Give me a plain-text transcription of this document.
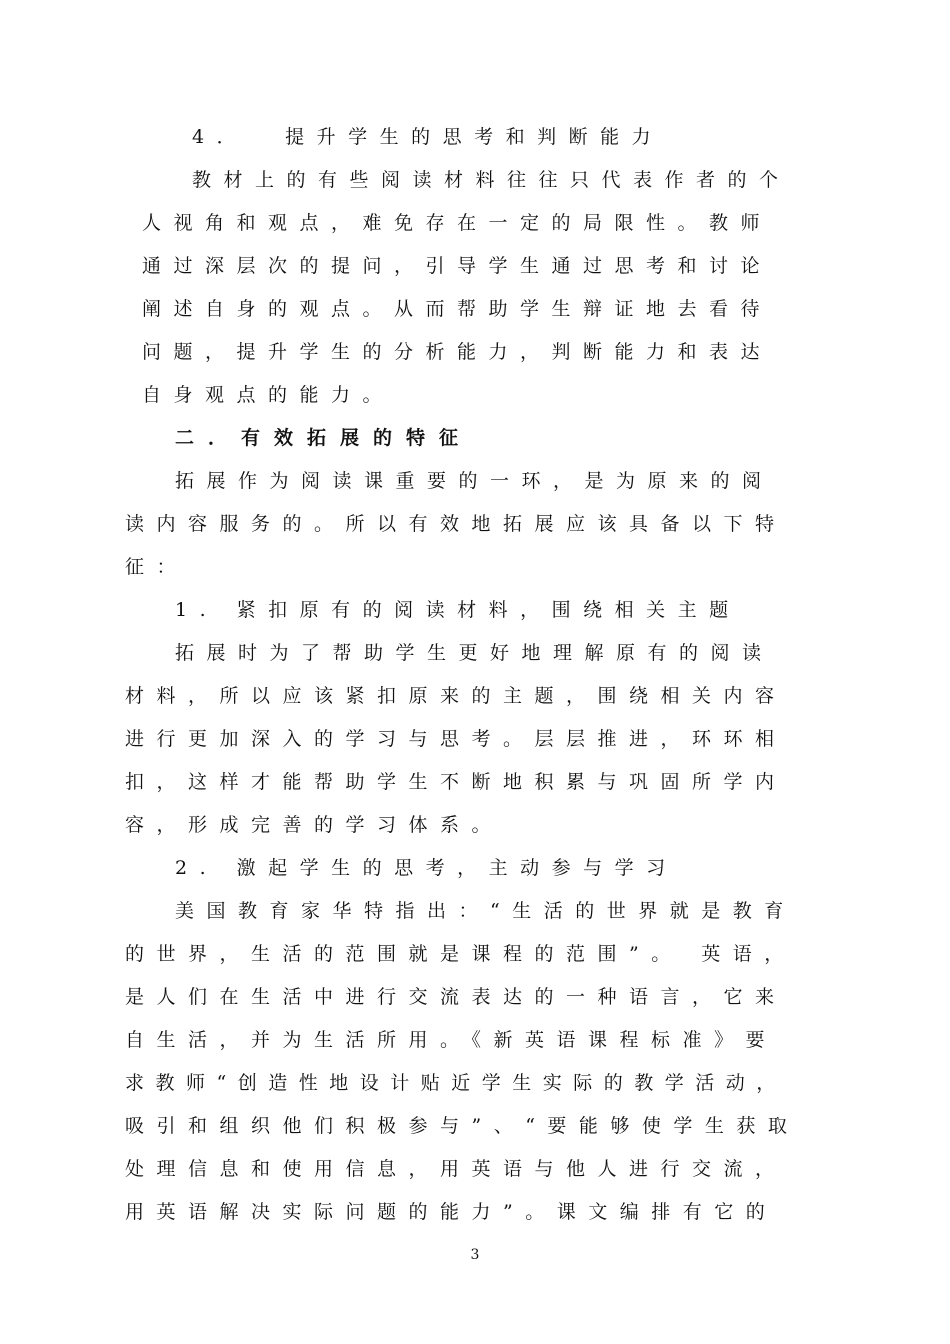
4．  提升学生的思考和判断能力
教材上的有些阅读材料往往只代表作者的个
人视角和观点，难免存在一定的局限性。教师
通过深层次的提问，引导学生通过思考和讨论
阐述自身的观点。从而帮助学生辩证地去看待
问题，提升学生的分析能力，判断能力和表达
自身观点的能力。
二．有效拓展的特征
拓展作为阅读课重要的一环，是为原来的阅
读内容服务的。所以有效地拓展应该具备以下特
征：
1. 紧扣原有的阅读材料，围绕相关主题
拓展时为了帮助学生更好地理解原有的阅读
材料，所以应该紧扣原来的主题，围绕相关内容
进行更加深入的学习与思考。层层推进，环环相
扣，这样才能帮助学生不断地积累与巩固所学内
容，形成完善的学习体系。
2. 激起学生的思考，主动参与学习
美国教育家华特指出：“生活的世界就是教育
的世界，生活的范围就是课程的范围”。 英语，
是人们在生活中进行交流表达的一种语言，它来
自生活，并为生活所用。《新英语课程标准》要
求教师“创造性地设计贴近学生实际的教学活动，
吸引和组织他们积极参与”、“要能够使学生获取
处理信息和使用信息，用英语与他人进行交流，
用英语解决实际问题的能力”。课文编排有它的
3
